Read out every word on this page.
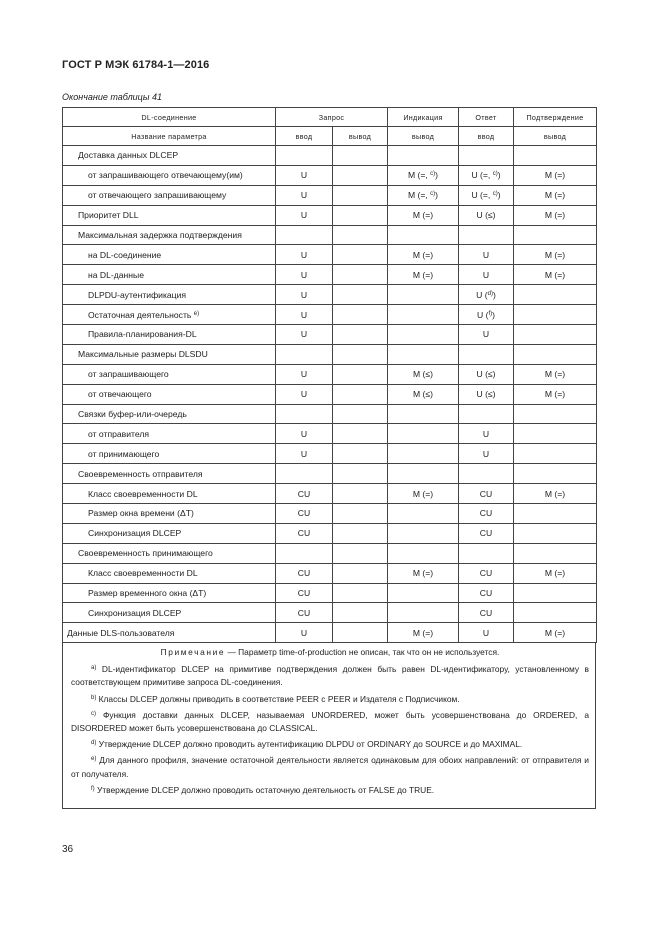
ГОСТ Р МЭК 61784-1—2016
Окончание таблицы 41
DL-соединение	Запрос		Индикация	Ответ	Подтверждение
Название параметра	ввод	вывод	вывод	ввод	вывод
Доставка данных DLCEP					
от запрашивающего отвечающему(им)	U		M (=, $^{c)}$)	U (=, $^{c)}$)	M (=)
от отвечающего запрашивающему	U		M (=, $^{c)}$)	U (=, $^{c)}$)	M (=)
Приоритет DLL	U		M (=)	U (≤)	M (=)
Максимальная задержка подтверждения					
на DL-соединение	U		M (=)	U	M (=)
на DL-данные	U		M (=)	U	M (=)
DLPDU-аутентификация	U			U ($^{d)}$)	
Остаточная деятельность $^{e)}$	U			U ($^{f)}$)	
Правила-планирования-DL	U			U	
Максимальные размеры DLSDU					
от запрашивающего	U		M (≤)	U (≤)	M (=)
от отвечающего	U		M (≤)	U (≤)	M (=)
Связки буфер-или-очередь					
от отправителя	U			U	
от принимающего	U			U	
Своевременность отправителя					
Класс своевременности DL	CU		M (=)	CU	M (=)
Размер окна времени (ΔT)	CU			CU	
Синхронизация DLCEP	CU			CU	
Своевременность принимающего					
Класс своевременности DL	CU		M (=)	CU	M (=)
Размер временного окна (ΔT)	CU			CU	
Синхронизация DLCEP	CU			CU	
Данные DLS-пользователя	U		M (=)	U	M (=)

Примечание — Параметр time-of-production не описан, так что он не используется.

$^{a)}$ DL-идентификатор DLCEP на примитиве подтверждения должен быть равен DL-идентификатору, установленному в соответствующем примитиве запроса DL-соединения.

$^{b)}$ Классы DLCEP должны приводить в соответствие PEER с PEER и Издателя с Подписчиком.

$^{c)}$ Функция доставки данных DLCEP, называемая UNORDERED, может быть усовершенствована до ORDERED, а DISORDERED может быть усовершенствована до CLASSICAL.

$^{d)}$ Утверждение DLCEP должно проводить аутентификацию DLPDU от ORDINARY до SOURCE и до MAXIMAL.

$^{e)}$ Для данного профиля, значение остаточной деятельности является одинаковым для обоих направлений: от отправителя и от получателя.

$^{f)}$ Утверждение DLCEP должно проводить остаточную деятельность от FALSE до TRUE.

36
